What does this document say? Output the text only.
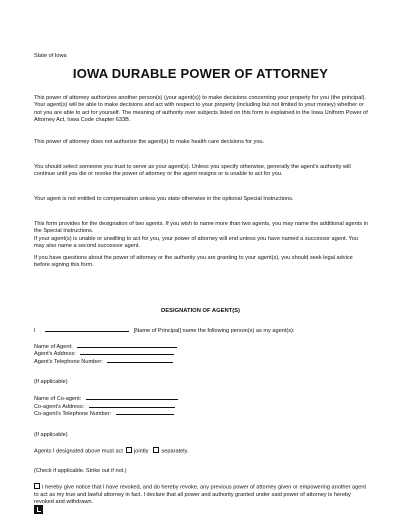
State of Iowa
IOWA DURABLE POWER OF ATTORNEY

This power of attorney authorizes another person(s) (your agent(s)) to make decisions concerning your property for you (the principal). Your agent(s) will be able to make decisions and act with respect to your property (including but not limited to your money) whether or not you are able to act for yourself. The meaning of authority over subjects listed on this form is explained in the Iowa Uniform Power of Attorney Act, Iowa Code chapter 633B.

This power of attorney does not authorize the agent(s) to make health care decisions for you.

You should select someone you trust to serve as your agent(s). Unless you specify otherwise, generally the agent's authority will continue until you die or revoke the power of attorney or the agent resigns or is unable to act for you.

Your agent is not entitled to compensation unless you state otherwise in the optional Special Instructions.

This form provides for the designation of two agents. If you wish to name more than two agents, you may name the additional agents in the Special Instructions.

If your agent(s) is unable or unwilling to act for you, your power of attorney will end unless you have named a successor agent. You may also name a second successor agent.

If you have questions about the power of attorney or the authority you are granting to your agent(s), you should seek legal advice before signing this form.

DESIGNATION OF AGENT(S)
I	[Name of Principal] name the following person(s) as my agent(s):
Name of Agent:
Agent's Address:
Agent's Telephone Number:
(If applicable)
Name of Co-agent:
Co-agent's Address:
Co-agent's Telephone Number:
(If applicable)
Agents I designated above must act jointly separately.
(Check if applicable. Strike out if not.)

I hereby give notice that I have revoked, and do hereby revoke, any previous power of attorney given or empowering another agent to act as my true and lawful attorney in fact. I declare that all power and authority granted under said power of attorney is hereby revoked and withdrawn.
